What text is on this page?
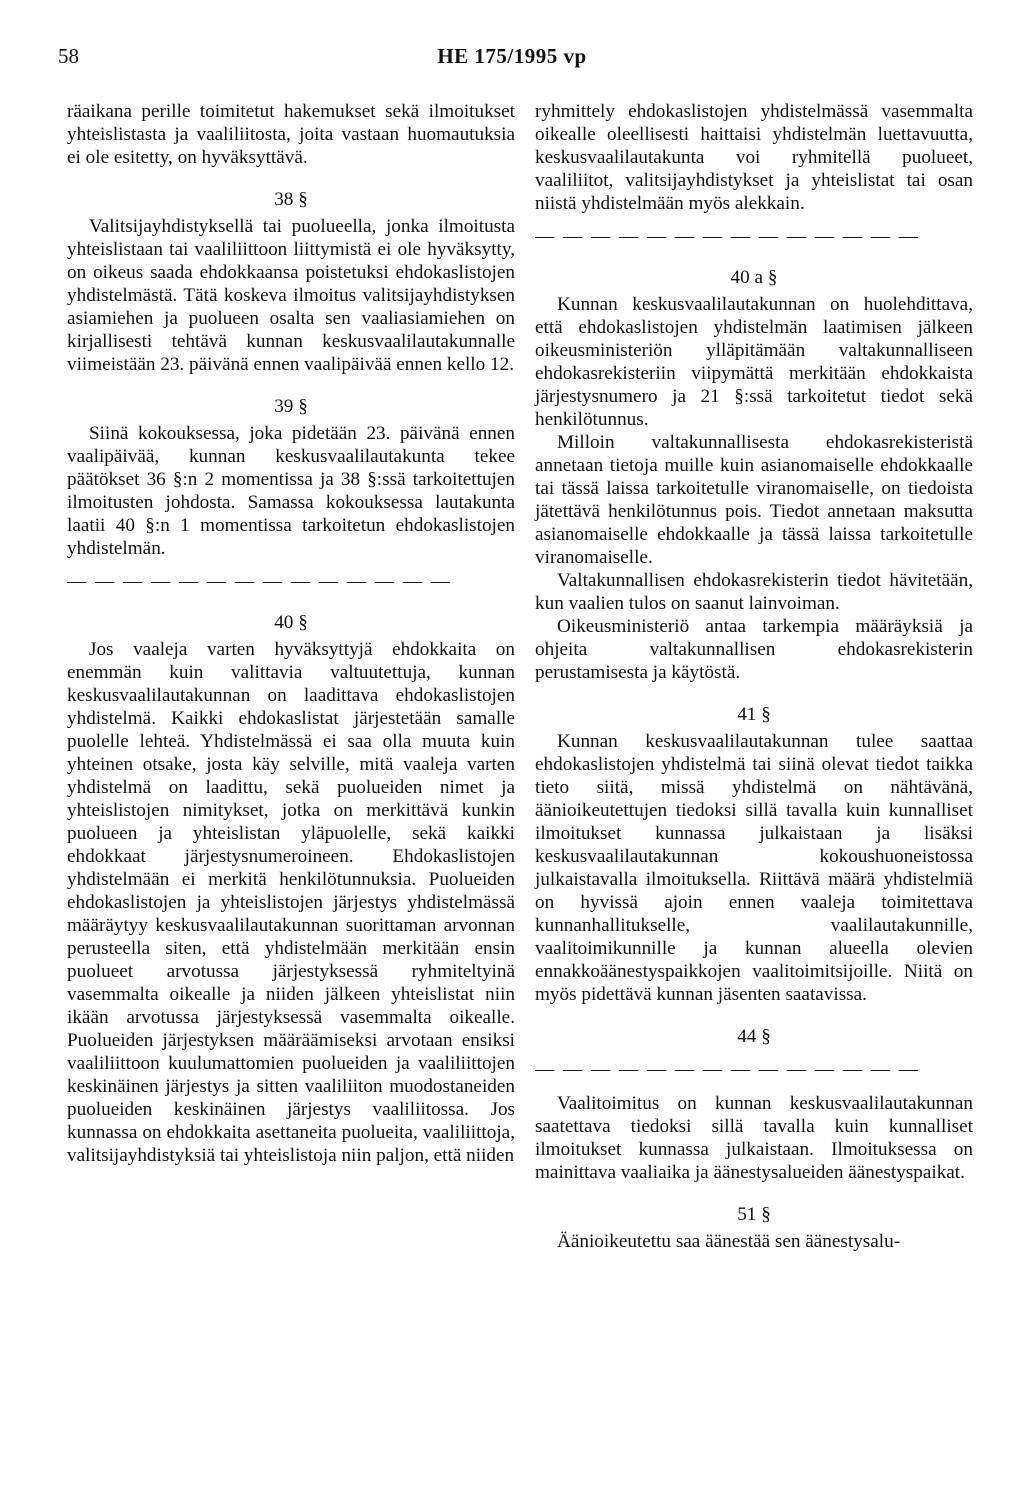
58	HE 175/1995 vp

räaikana perille toimitetut hakemukset sekä ilmoitukset yhteislistasta ja vaaliliitosta, joita vastaan huomautuksia ei ole esitetty, on hyväksyttävä.

38 §

Valitsijayhdistyksellä tai puolueella, jonka ilmoitusta yhteislistaan tai vaaliliittoon liittymistä ei ole hyväksytty, on oikeus saada ehdokkaansa poistetuksi ehdokaslistojen yhdistelmästä. Tätä koskeva ilmoitus valitsijayhdistyksen asiamiehen ja puolueen osalta sen vaaliasiamiehen on kirjallisesti tehtävä kunnan keskusvaalilautakunnalle viimeistään 23. päivänä ennen vaalipäivää ennen kello 12.

39 §

Siinä kokouksessa, joka pidetään 23. päivänä ennen vaalipäivää, kunnan keskusvaalilautakunta tekee päätökset 36 §:n 2 momentissa ja 38 §:ssä tarkoitettujen ilmoitusten johdosta. Samassa kokouksessa lautakunta laatii 40 §:n 1 momentissa tarkoitetun ehdokaslistojen yhdistelmän.

— — — — — — — — — — — — — —
40 §

Jos vaaleja varten hyväksyttyjä ehdokkaita on enemmän kuin valittavia valtuutettuja, kunnan keskusvaalilautakunnan on laadittava ehdokaslistojen yhdistelmä. Kaikki ehdokaslistat järjestetään samalle puolelle lehteä. Yhdistelmässä ei saa olla muuta kuin yhteinen otsake, josta käy selville, mitä vaaleja varten yhdistelmä on laadittu, sekä puolueiden nimet ja yhteislistojen nimitykset, jotka on merkittävä kunkin puolueen ja yhteislistan yläpuolelle, sekä kaikki ehdokkaat järjestysnumeroineen. Ehdokaslistojen yhdistelmään ei merkitä henkilötunnuksia. Puolueiden ehdokaslistojen ja yhteislistojen järjestys yhdistelmässä määräytyy keskusvaalilautakunnan suorittaman arvonnan perusteella siten, että yhdistelmään merkitään ensin puolueet arvotussa järjestyksessä ryhmiteltyinä vasemmalta oikealle ja niiden jälkeen yhteislistat niin ikään arvotussa järjestyksessä vasemmalta oikealle. Puolueiden järjestyksen määräämiseksi arvotaan ensiksi vaaliliittoon kuulumattomien puolueiden ja vaaliliittojen keskinäinen järjestys ja sitten vaaliliiton muodostaneiden puolueiden keskinäinen järjestys vaaliliitossa. Jos kunnassa on ehdokkaita asettaneita puolueita, vaaliliittoja, valitsijayhdistyksiä tai yhteislistoja niin paljon, että niiden

ryhmittely ehdokaslistojen yhdistelmässä vasemmalta oikealle oleellisesti haittaisi yhdistelmän luettavuutta, keskusvaalilautakunta voi ryhmitellä puolueet, vaaliliitot, valitsijayhdistykset ja yhteislistat tai osan niistä yhdistelmään myös alekkain.

— — — — — — — — — — — — — —
40 a §

Kunnan keskusvaalilautakunnan on huolehdittava, että ehdokaslistojen yhdistelmän laatimisen jälkeen oikeusministeriön ylläpitämään valtakunnalliseen ehdokasrekisteriin viipymättä merkitään ehdokkaista järjestysnumero ja 21 §:ssä tarkoitetut tiedot sekä henkilötunnus.

Milloin valtakunnallisesta ehdokasrekisteristä annetaan tietoja muille kuin asianomaiselle ehdokkaalle tai tässä laissa tarkoitetulle viranomaiselle, on tiedoista jätettävä henkilötunnus pois. Tiedot annetaan maksutta asianomaiselle ehdokkaalle ja tässä laissa tarkoitetulle viranomaiselle.

Valtakunnallisen ehdokasrekisterin tiedot hävitetään, kun vaalien tulos on saanut lainvoiman.

Oikeusministeriö antaa tarkempia määräyksiä ja ohjeita valtakunnallisen ehdokasrekisterin perustamisesta ja käytöstä.

41 §

Kunnan keskusvaalilautakunnan tulee saattaa ehdokaslistojen yhdistelmä tai siinä olevat tiedot taikka tieto siitä, missä yhdistelmä on nähtävänä, äänioikeutettujen tiedoksi sillä tavalla kuin kunnalliset ilmoitukset kunnassa julkaistaan ja lisäksi keskusvaalilautakunnan kokoushuoneistossa julkaistavalla ilmoituksella. Riittävä määrä yhdistelmiä on hyvissä ajoin ennen vaaleja toimitettava kunnanhallitukselle, vaalilautakunnille, vaalitoimikunnille ja kunnan alueella olevien ennakkoäänestyspaikkojen vaalitoimitsijoille. Niitä on myös pidettävä kunnan jäsenten saatavissa.

44 §
— — — — — — — — — — — — — —

Vaalitoimitus on kunnan keskusvaalilautakunnan saatettava tiedoksi sillä tavalla kuin kunnalliset ilmoitukset kunnassa julkaistaan. Ilmoituksessa on mainittava vaaliaika ja äänestysalueiden äänestyspaikat.

51 §

Äänioikeutettu saa äänestää sen äänestysalu-
